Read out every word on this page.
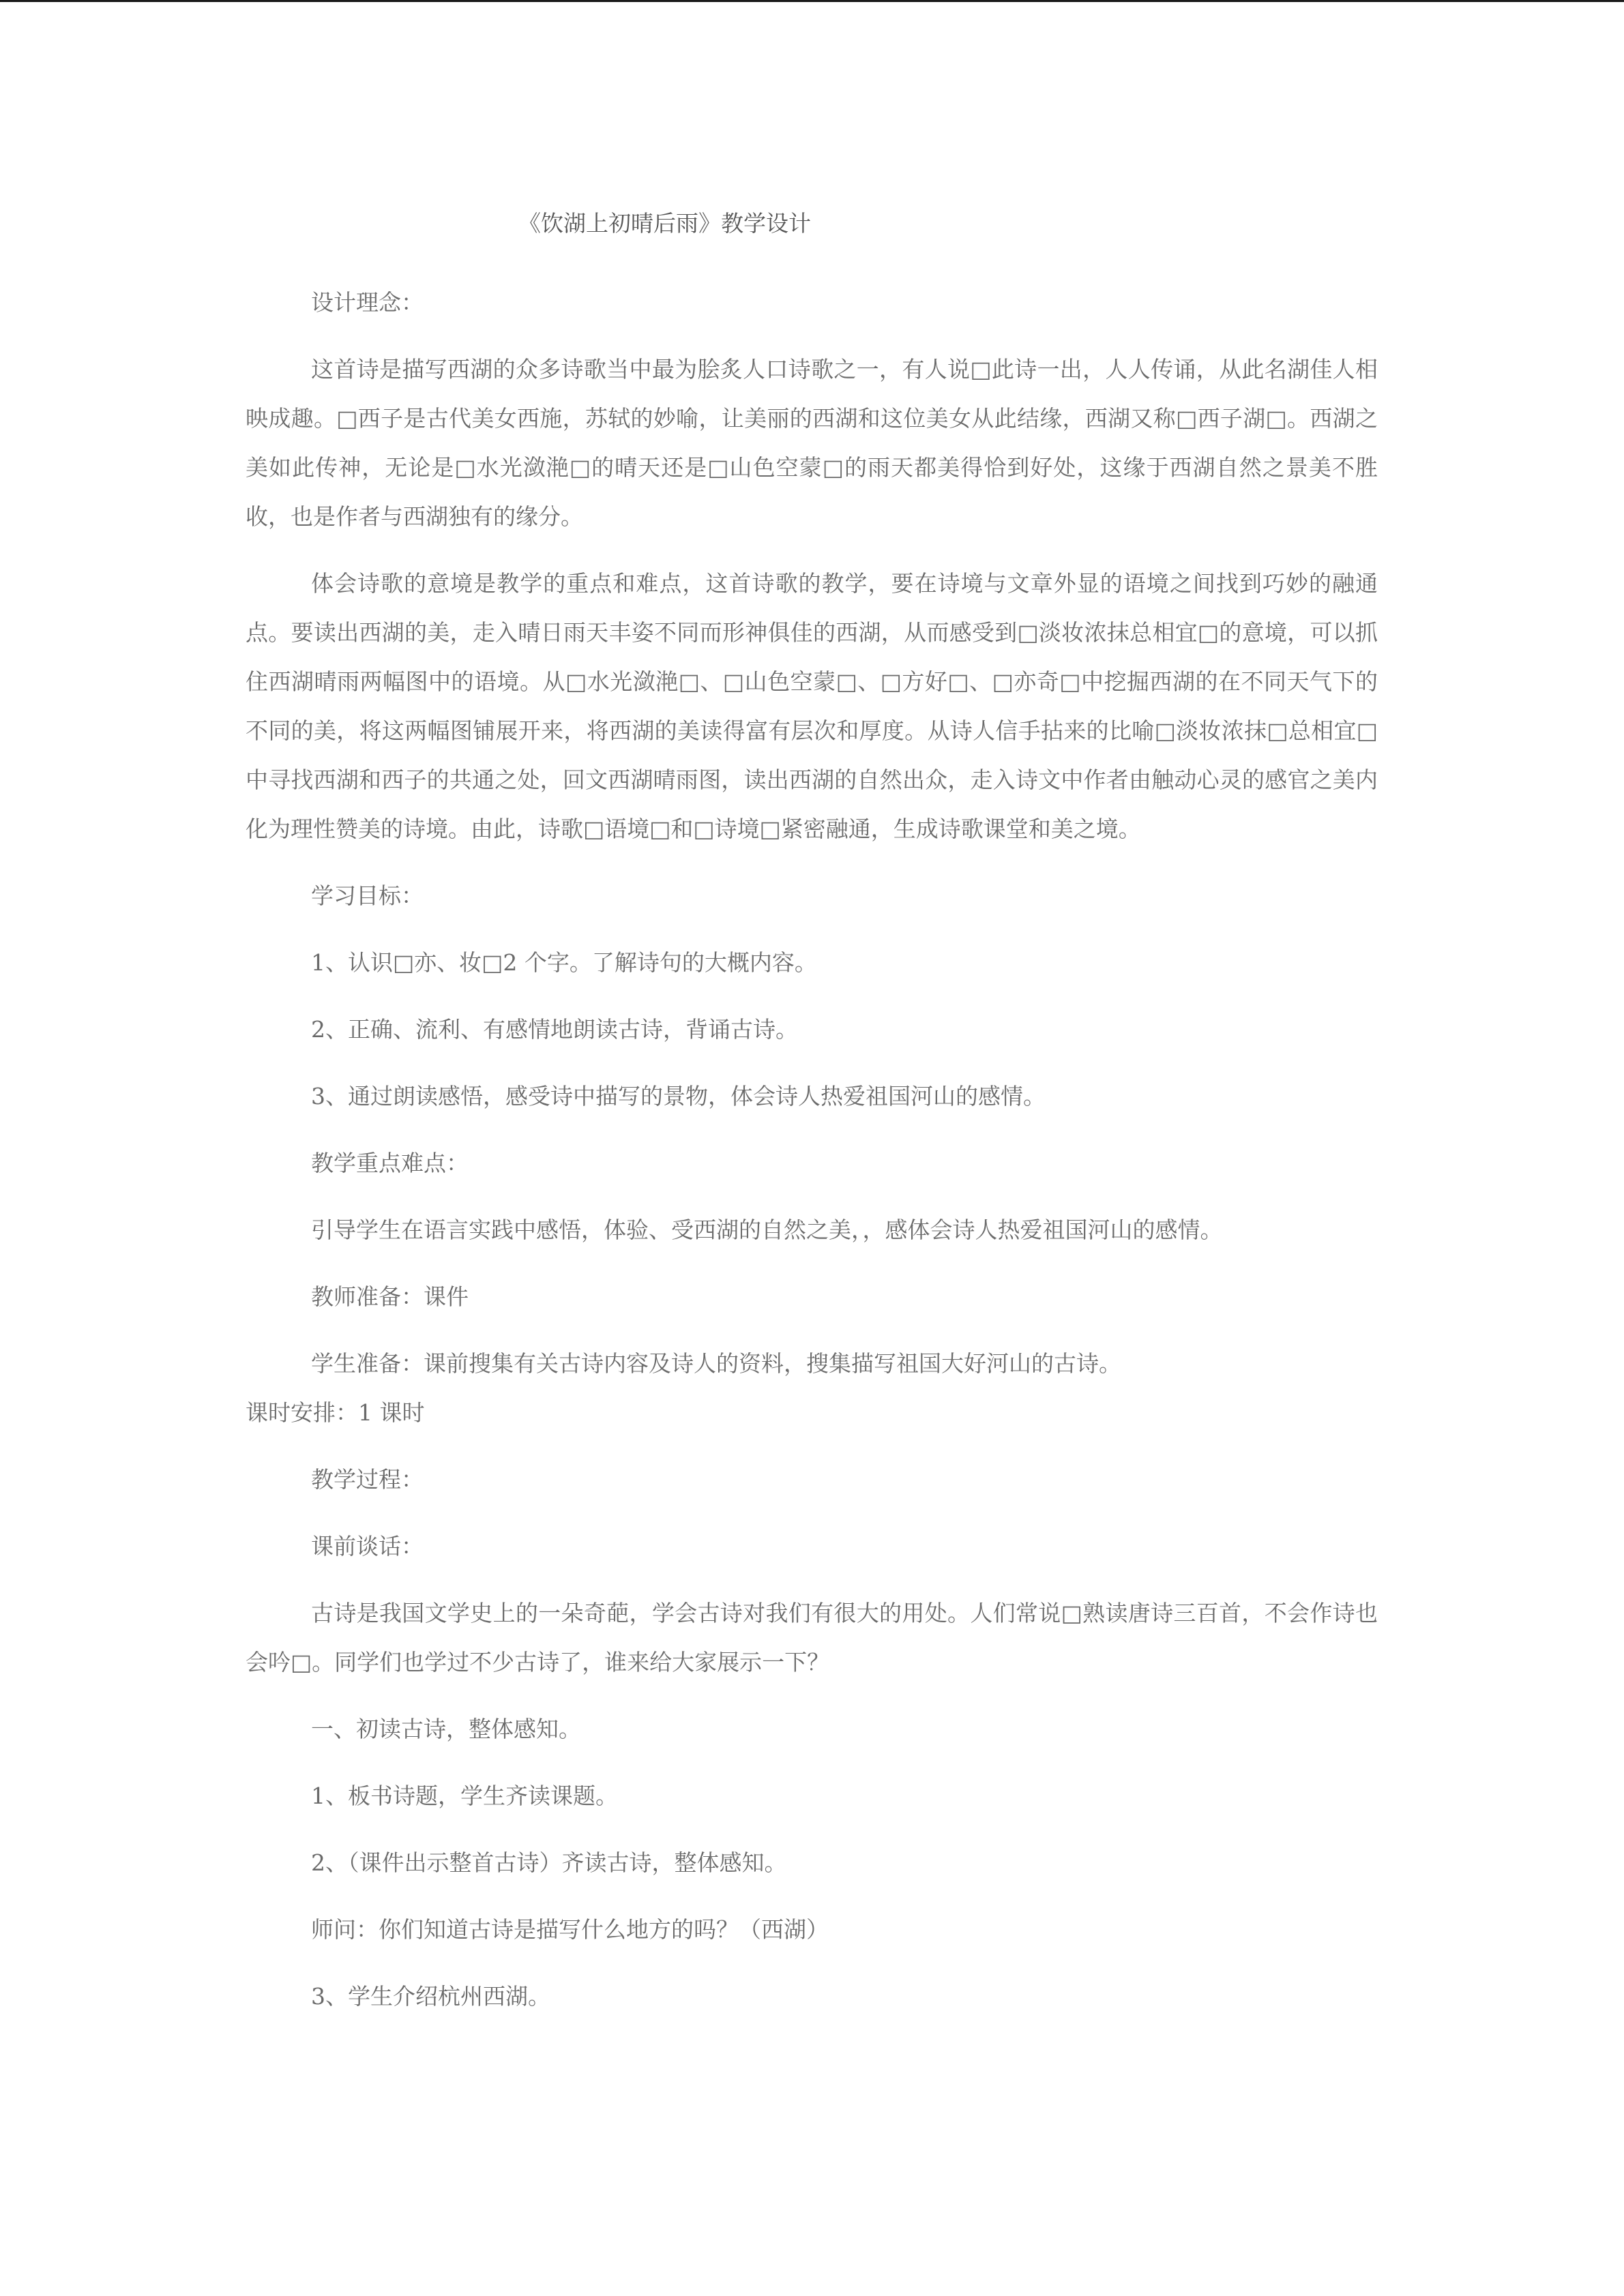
《饮湖上初晴后雨》教学设计

设计理念：

这首诗是描写西湖的众多诗歌当中最为脍炙人口诗歌之一，有人说□此诗一出，人人传诵，从此名湖佳人相映成趣。□西子是古代美女西施，苏轼的妙喻，让美丽的西湖和这位美女从此结缘，西湖又称□西子湖□。西湖之美如此传神，无论是□水光潋滟□的晴天还是□山色空蒙□的雨天都美得恰到好处，这缘于西湖自然之景美不胜收，也是作者与西湖独有的缘分。

体会诗歌的意境是教学的重点和难点，这首诗歌的教学，要在诗境与文章外显的语境之间找到巧妙的融通点。要读出西湖的美，走入晴日雨天丰姿不同而形神俱佳的西湖，从而感受到□淡妆浓抹总相宜□的意境，可以抓住西湖晴雨两幅图中的语境。从□水光潋滟□、□山色空蒙□、□方好□、□亦奇□中挖掘西湖的在不同天气下的不同的美，将这两幅图铺展开来，将西湖的美读得富有层次和厚度。从诗人信手拈来的比喻□淡妆浓抹□总相宜□中寻找西湖和西子的共通之处，回文西湖晴雨图，读出西湖的自然出众，走入诗文中作者由触动心灵的感官之美内化为理性赞美的诗境。由此，诗歌□语境□和□诗境□紧密融通，生成诗歌课堂和美之境。

学习目标：

1、认识□亦、妆□2 个字。了解诗句的大概内容。

2、正确、流利、有感情地朗读古诗，背诵古诗。

3、通过朗读感悟，感受诗中描写的景物，体会诗人热爱祖国河山的感情。

教学重点难点：

引导学生在语言实践中感悟，体验、受西湖的自然之美，，感体会诗人热爱祖国河山的感情。

教师准备：课件

学生准备：课前搜集有关古诗内容及诗人的资料，搜集描写祖国大好河山的古诗。

课时安排：1 课时

教学过程：

课前谈话：

古诗是我国文学史上的一朵奇葩，学会古诗对我们有很大的用处。人们常说□熟读唐诗三百首，不会作诗也会吟□。同学们也学过不少古诗了，谁来给大家展示一下？

一、初读古诗，整体感知。

1、板书诗题，学生齐读课题。

2、（课件出示整首古诗）齐读古诗，整体感知。

师问：你们知道古诗是描写什么地方的吗？（西湖）

3、学生介绍杭州西湖。
